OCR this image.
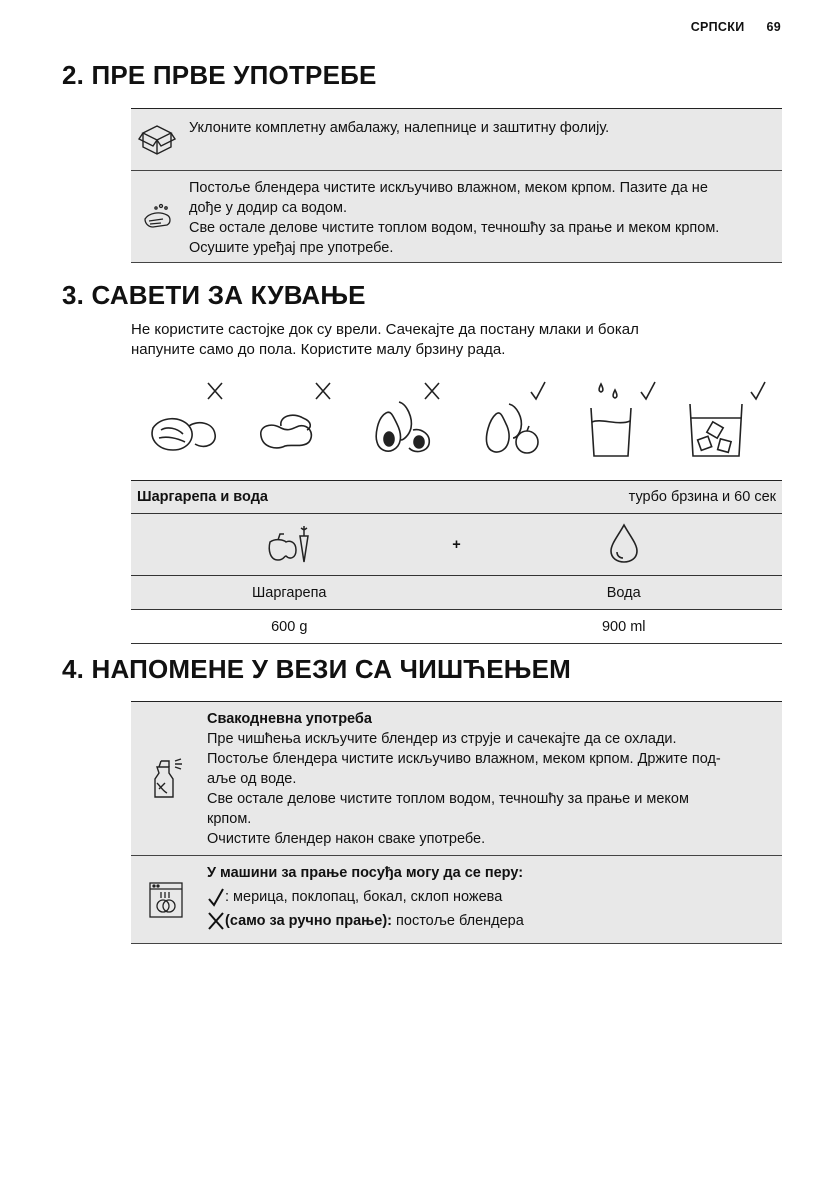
СРПСКИ 69
2. ПРЕ ПРВЕ УПОТРЕБЕ
Уклоните комплетну амбалажу, налепнице и заштитну фолију.
Постоље блендера чистите искључиво влажном, меком крпом. Пазите да не
дође у додир са водом.
Све остале делове чистите топлом водом, течношћу за прање и меком крпом.
Осушите уређај пре употребе.
3. САВЕТИ ЗА КУВАЊЕ
Не користите састојке док су врели. Сачекајте да постану млаки и бокал
напуните само до пола. Користите малу брзину рада.
Шаргарепа и вода	турбо брзина и 60 сек

+

Шаргарепа	Вода

600 g	900 ml
4. НАПОМЕНЕ У ВЕЗИ СА ЧИШЋЕЊЕМ
Свакодневна употреба
Пре чишћења искључите блендер из струје и сачекајте да се охлади.
Постоље блендера чистите искључиво влажном, меком крпом. Држите под-
аље од воде.
Све остале делове чистите топлом водом, течношћу за прање и меком
крпом.
Очистите блендер након сваке употребе.
У машини за прање посуђа могу да се перу:
: мерица, поклопац, бокал, склоп ножева
(само за ручно прање): постоље блендера
